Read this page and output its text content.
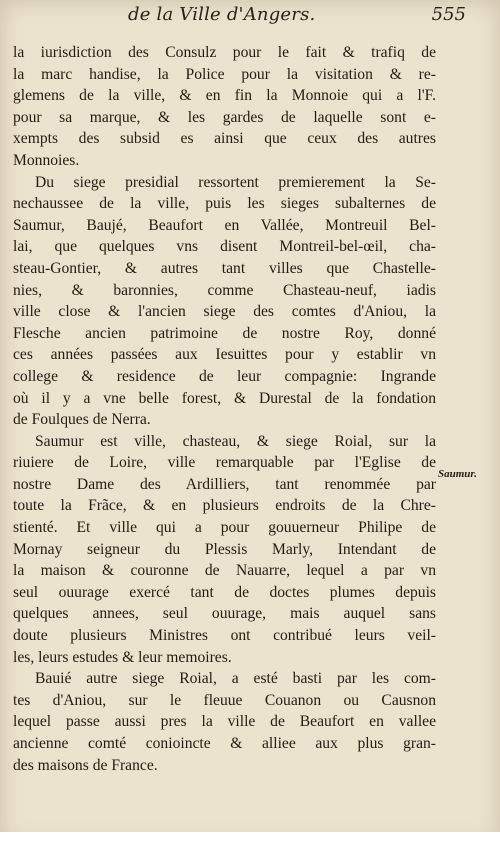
de la Ville d'Angers.	555
la iurisdiction des Consulz pour le fait & trafiq de
la marc handise, la Police pour la visitation & re-
glemens de la ville, & en fin la Monnoie qui a l'F.
pour sa marque, & les gardes de laquelle sont e-
xempts des subsid es ainsi que ceux des autres
Monnoies.
Du siege presidial ressortent premierement la Se-
nechaussee de la ville, puis les sieges subalternes de
Saumur, Baujé, Beaufort en Vallée, Montreuil Bel-
lai, que quelques vns disent Montreil-bel-œil, cha-
steau-Gontier, & autres tant villes que Chastelle-
nies, & baronnies, comme Chasteau-neuf, iadis
ville close & l'ancien siege des comtes d'Aniou, la
Flesche ancien patrimoine de nostre Roy, donné
ces années passées aux Iesuittes pour y establir vn
college & residence de leur compagnie: Ingrande
où il y a vne belle forest, & Durestal de la fondation
de Foulques de Nerra.
Saumur est ville, chasteau, & siege Roial, sur la
riuiere de Loire, ville remarquable par l'Eglise de
nostre Dame des Ardilliers, tant renommée par
toute la Frãce, & en plusieurs endroits de la Chre-
stienté. Et ville qui a pour gouuerneur Philipe de
Mornay seigneur du Plessis Marly, Intendant de
la maison & couronne de Nauarre, lequel a par vn
seul ouurage exercé tant de doctes plumes depuis
quelques annees, seul ouurage, mais auquel sans
doute plusieurs Ministres ont contribué leurs veil-
les, leurs estudes & leur memoires.
Bauié autre siege Roial, a esté basti par les com-
tes d'Aniou, sur le fleuue Couanon ou Causnon
lequel passe aussi pres la ville de Beaufort en vallee
ancienne comté conioincte & alliee aux plus gran-
des maisons de France.
Saumur.
